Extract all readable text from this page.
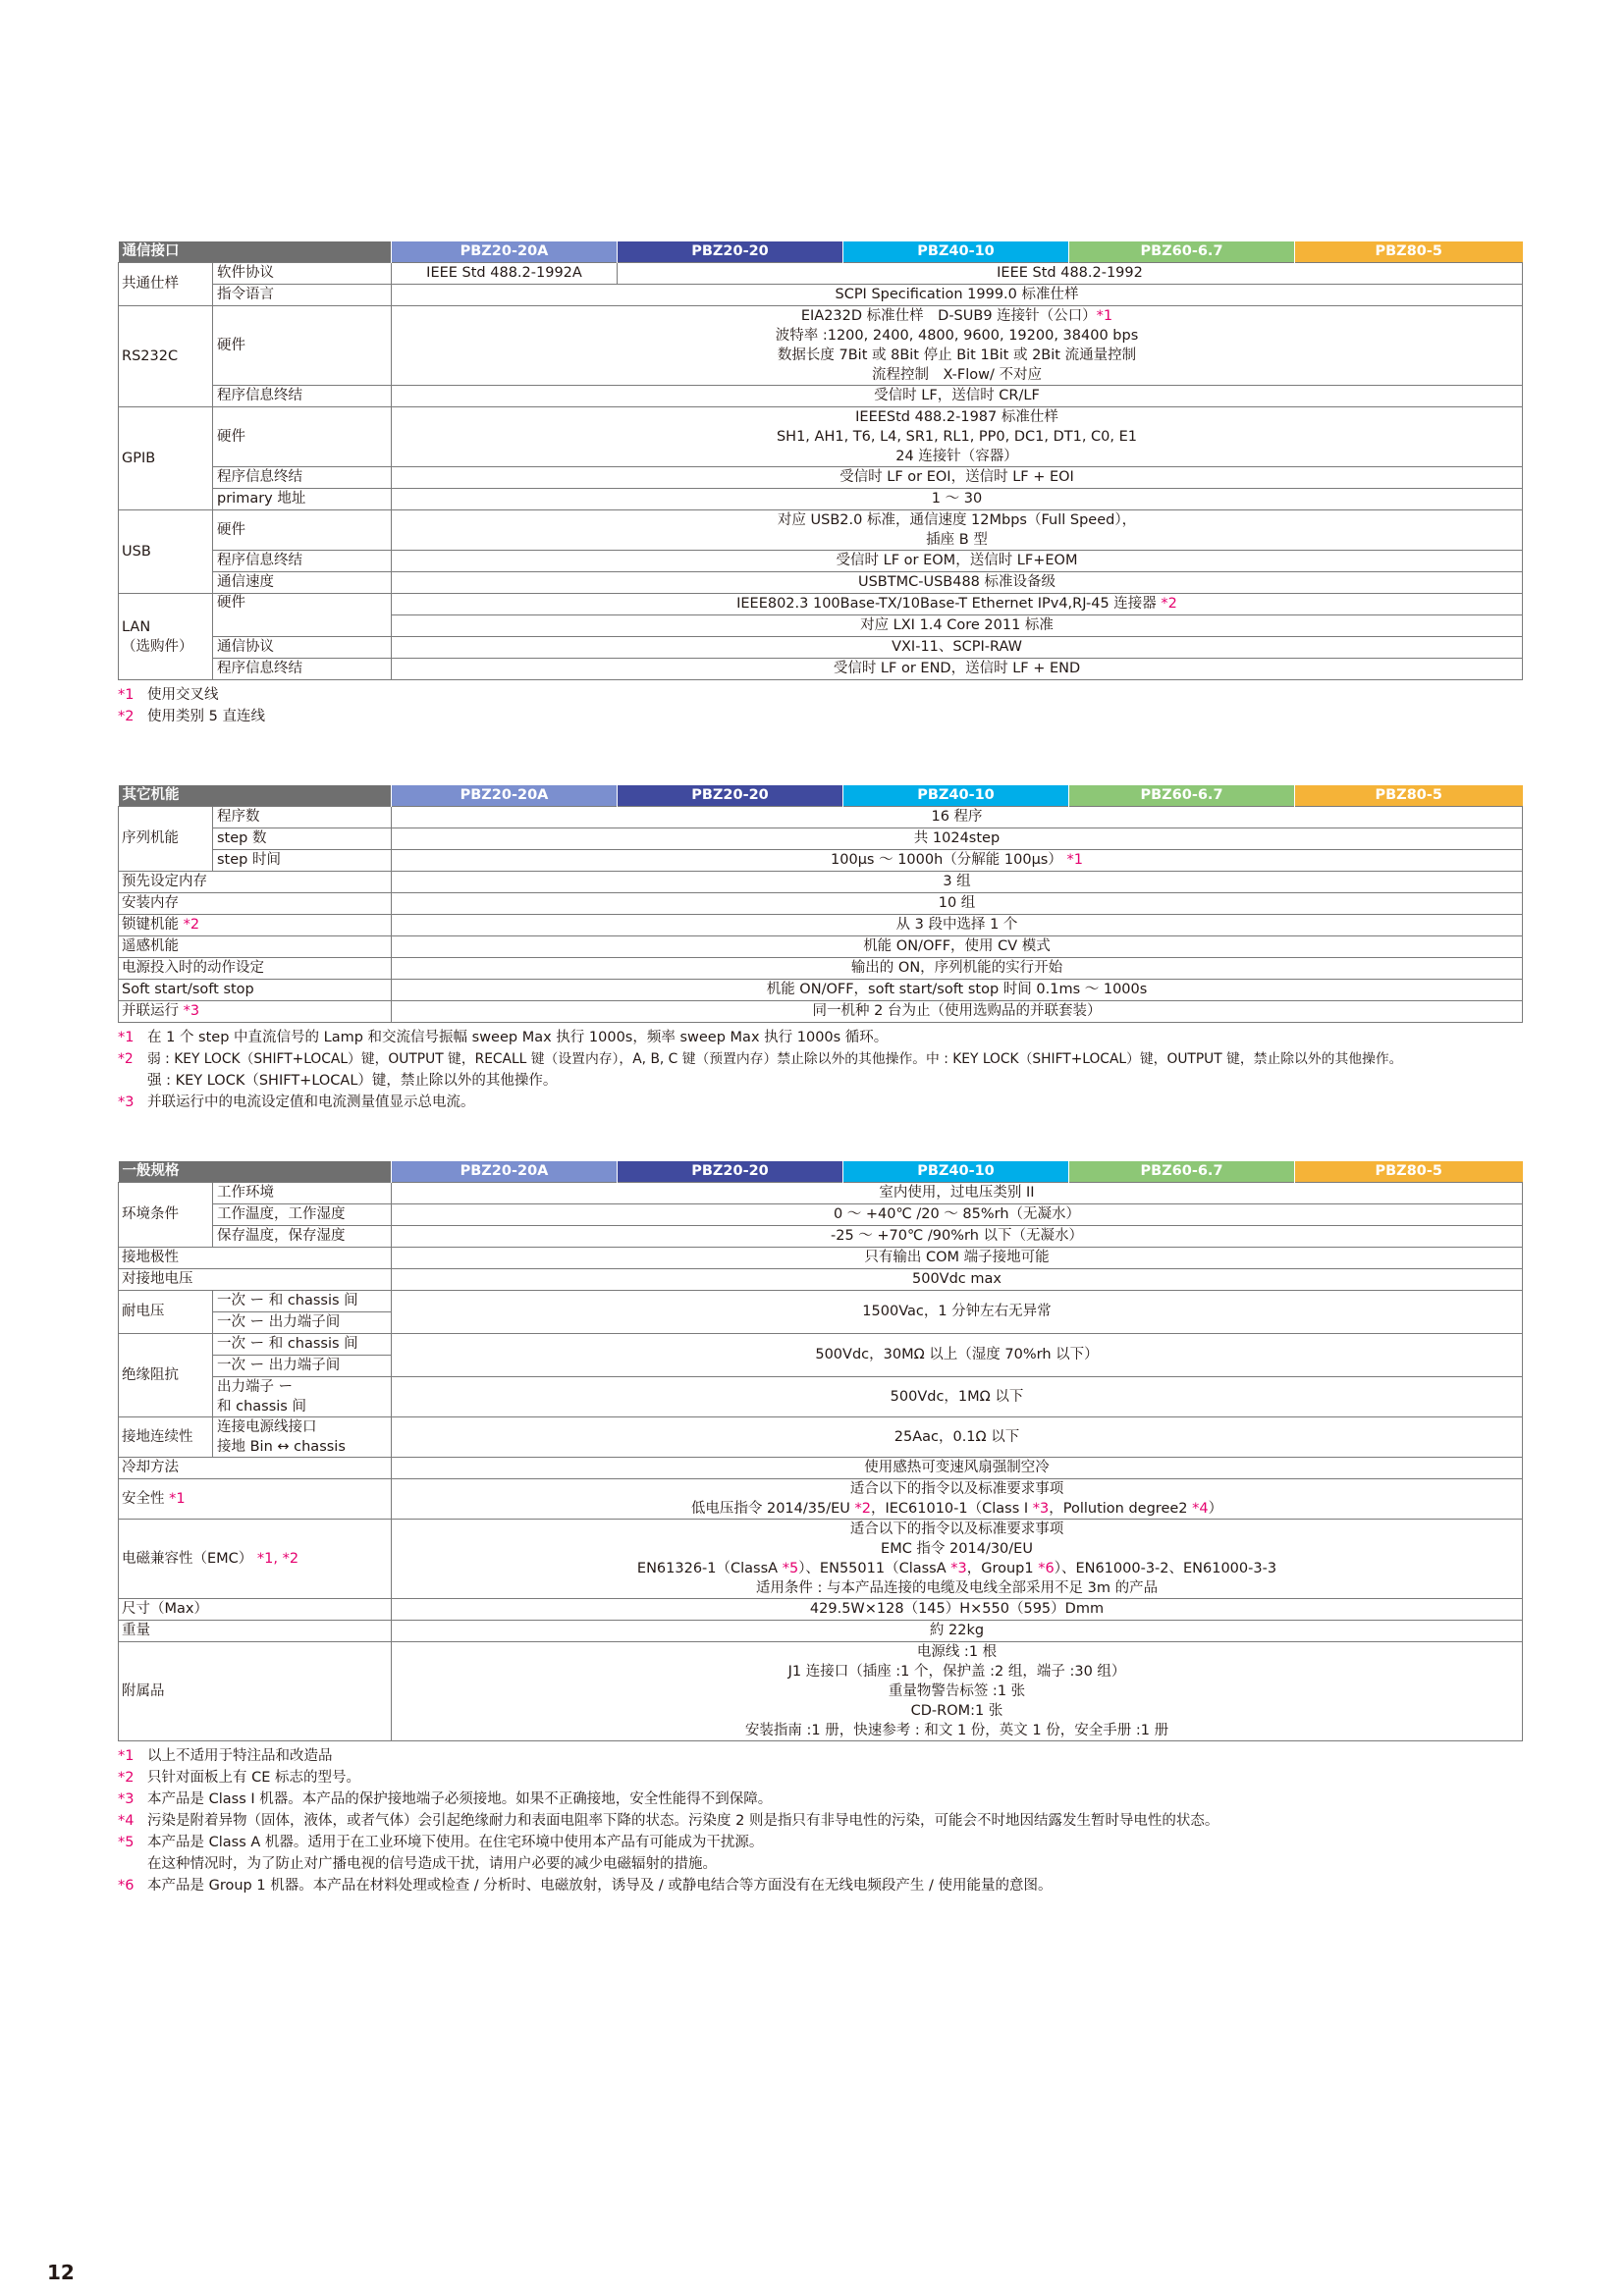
通信接口		PBZ20-20A	PBZ20-20	PBZ40-10	PBZ60-6.7	PBZ80-5
共通仕样	软件协议	IEEE Std 488.2-1992A	IEEE Std 488.2-1992			
	指令语言	SCPI Specification 1999.0 标准仕样				
RS232C	硬件	EIA232D 标准仕样　D-SUB9 连接针（公口）*1
波特率 :1200, 2400, 4800, 9600, 19200, 38400 bps
数据长度 7Bit 或 8Bit 停止 Bit 1Bit 或 2Bit 流通量控制
流程控制　X-Flow/ 不对应				

	程序信息终结	受信时 LF，送信时 CR/LF				
GPIB	硬件	IEEEStd 488.2-1987 标准仕样
SH1, AH1, T6, L4, SR1, RL1, PP0, DC1, DT1, C0, E1
24 连接针（容器）				

	程序信息终结	受信时 LF or EOI，送信时 LF + EOI				
	primary 地址	1 ～ 30				
USB	硬件	对应 USB2.0 标准，通信速度 12Mbps（Full Speed），
插座 B 型				

	程序信息终结	受信时 LF or EOM，送信时 LF+EOM				
	通信速度	USBTMC-USB488 标准设备级				

LAN
（选购件）	硬件	IEEE802.3 100Base-TX/10Base-T Ethernet IPv4,RJ-45 连接器 *2				
		对应 LXI 1.4 Core 2011 标准				
	通信协议	VXI-11、SCPI-RAW				
	程序信息终结	受信时 LF or END，送信时 LF + END				
*1 使用交叉线
*2 使用类别 5 直连线
其它机能		PBZ20-20A	PBZ20-20	PBZ40-10	PBZ60-6.7	PBZ80-5
序列机能	程序数	16 程序				
	step 数	共 1024step				
	step 时间	100μs ～ 1000h（分解能 100μs） *1				
预先设定内存		3 组				
安装内存		10 组				
锁键机能 *2		从 3 段中选择 1 个				
遥感机能		机能 ON/OFF，使用 CV 模式				
电源投入时的动作设定		输出的 ON，序列机能的实行开始				
Soft start/soft stop		机能 ON/OFF，soft start/soft stop 时间 0.1ms ～ 1000s				
并联运行 *3		同一机种 2 台为止（使用选购品的并联套装）				
*1 在 1 个 step 中直流信号的 Lamp 和交流信号振幅 sweep Max 执行 1000s，频率 sweep Max 执行 1000s 循环。
*2	弱 : KEY LOCK（SHIFT+LOCAL）键，OUTPUT 键，RECALL 键（设置内存），A, B, C 键（预置内存）禁止除以外的其他操作。中 : KEY LOCK（SHIFT+LOCAL）键，OUTPUT 键，禁止除以外的其他操作。
强 : KEY LOCK（SHIFT+LOCAL）键，禁止除以外的其他操作。
*3 并联运行中的电流设定值和电流测量值显示总电流。
一般规格		PBZ20-20A	PBZ20-20	PBZ40-10	PBZ60-6.7	PBZ80-5
环境条件	工作环境	室内使用，过电压类别 II				
	工作温度，工作湿度	0 ～ +40℃ /20 ～ 85%rh（无凝水）				
	保存温度，保存湿度	-25 ～ +70℃ /90%rh 以下（无凝水）				
接地极性		只有输出 COM 端子接地可能				
对接地电压		500Vdc max				
耐电压	一次 ー 和 chassis 间	1500Vac，1 分钟左右无异常				
	一次 ー 出力端子间					
绝缘阻抗	一次 ー 和 chassis 间	500Vdc，30MΩ 以上（湿度 70%rh 以下）				
	一次 ー 出力端子间					

	出力端子 ー
和 chassis 间	500Vdc，1MΩ 以下				
接地连续性	连接电源线接口
接地 Bin ↔ chassis	25Aac，0.1Ω 以下				
冷却方法		使用感热可变速风扇强制空冷				
安全性 *1		适合以下的指令以及标准要求事项
低电压指令 2014/35/EU *2，IEC61010-1（Class I *3，Pollution degree2 *4）				

电磁兼容性（EMC） *1, *2		适合以下的指令以及标准要求事项
EMC 指令 2014/30/EU
EN61326-1（ClassA *5）、EN55011（ClassA *3，Group1 *6）、EN61000-3-2、EN61000-3-3
适用条件 : 与本产品连接的电缆及电线全部采用不足 3m 的产品				

尺寸（Max）		429.5W×128（145）H×550（595）Dmm				
重量		約 22kg				
附属品		电源线 :1 根
J1 连接口（插座 :1 个，保护盖 :2 组，端子 :30 组）
重量物警告标签 :1 张
CD-ROM:1 张
安装指南 :1 册，快速参考 : 和文 1 份，英文 1 份，安全手册 :1 册				
*1 以上不适用于特注品和改造品
*2 只针对面板上有 CE 标志的型号。
*3 本产品是 Class I 机器。本产品的保护接地端子必须接地。如果不正确接地，安全性能得不到保障。
*4 污染是附着异物（固体，液体，或者气体）会引起绝缘耐力和表面电阻率下降的状态。污染度 2 则是指只有非导电性的污染，可能会不时地因结露发生暂时导电性的状态。
*5 本产品是 Class A 机器。适用于在工业环境下使用。在住宅环境中使用本产品有可能成为干扰源。
在这种情况时，为了防止对广播电视的信号造成干扰，请用户必要的减少电磁辐射的措施。
*6 本产品是 Group 1 机器。本产品在材料处理或检查 / 分析时、电磁放射，诱导及 / 或静电结合等方面没有在无线电频段产生 / 使用能量的意图。
12
